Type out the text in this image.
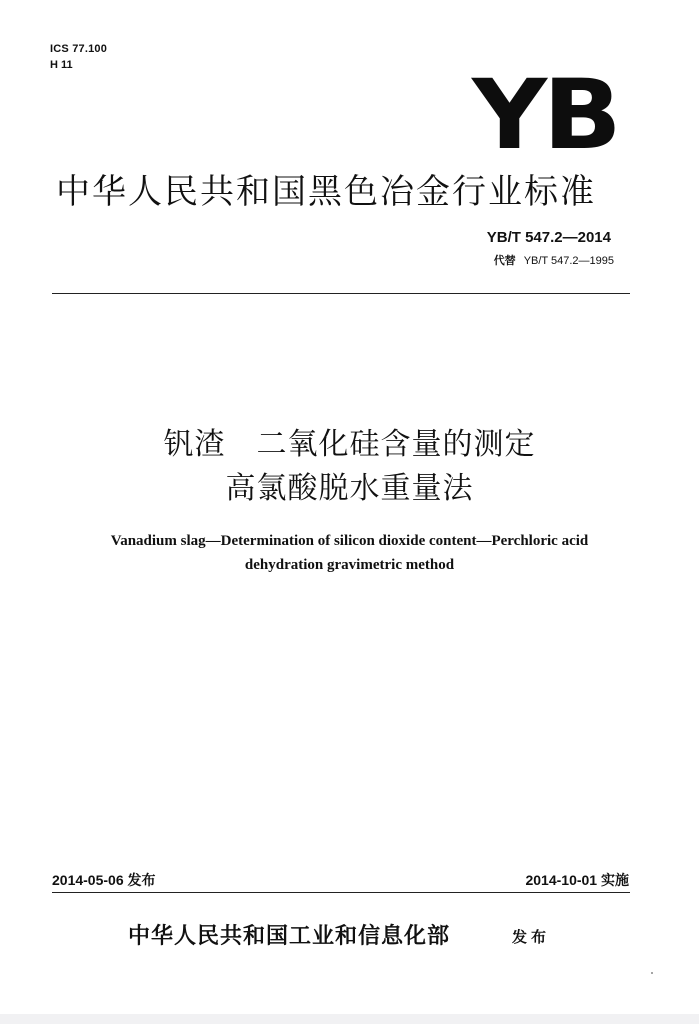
ICS 77.100
H 11	YB
中华人民共和国黑色冶金行业标准
YB/T 547.2—2014
代替 YB/T 547.2—1995
钒渣　二氧化硅含量的测定
高氯酸脱水重量法
Vanadium slag—Determination of silicon dioxide content—Perchloric acid
dehydration gravimetric method
2014-05-06 发布	2014-10-01 实施
中华人民共和国工业和信息化部	发布
